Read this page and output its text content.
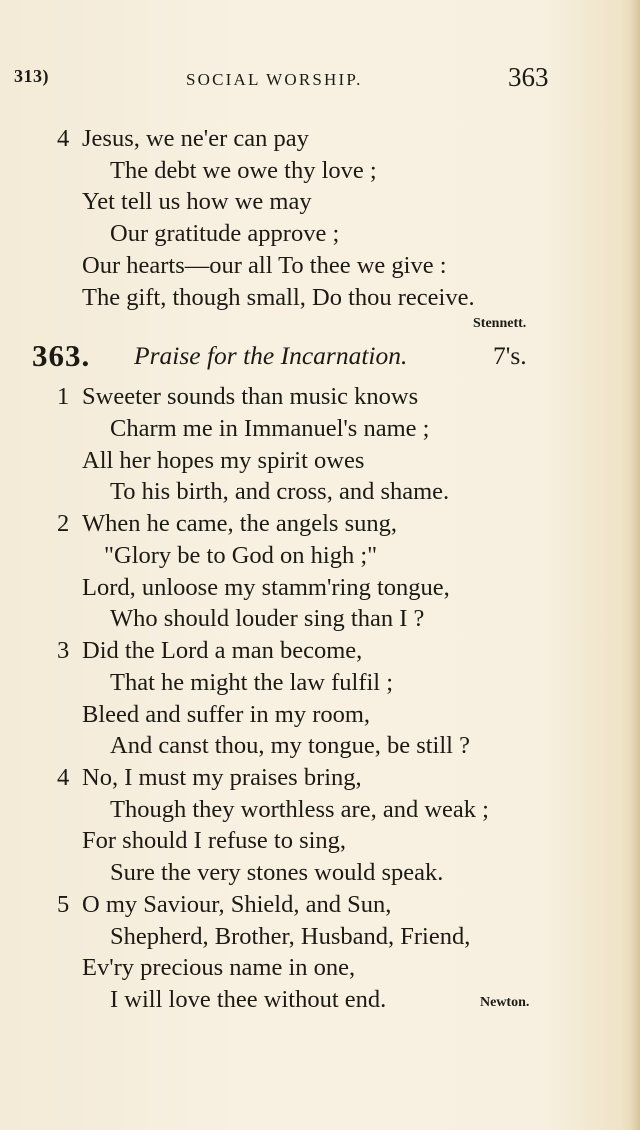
313)	SOCIAL WORSHIP.	363
4 Jesus, we ne'er can pay
The debt we owe thy love ;
Yet tell us how we may
Our gratitude approve ;
Our hearts—our all To thee we give :
The gift, though small, Do thou receive.
Stennett.
363. Praise for the Incarnation.	7's.
1 Sweeter sounds than music knows
Charm me in Immanuel's name ;
All her hopes my spirit owes
To his birth, and cross, and shame.
2 When he came, the angels sung,
"Glory be to God on high ;"
Lord, unloose my stamm'ring tongue,
Who should louder sing than I ?
3 Did the Lord a man become,
That he might the law fulfil ;
Bleed and suffer in my room,
And canst thou, my tongue, be still ?
4 No, I must my praises bring,
Though they worthless are, and weak ;
For should I refuse to sing,
Sure the very stones would speak.
5 O my Saviour, Shield, and Sun,
Shepherd, Brother, Husband, Friend,
Ev'ry precious name in one,
I will love thee without end.	Newton.
